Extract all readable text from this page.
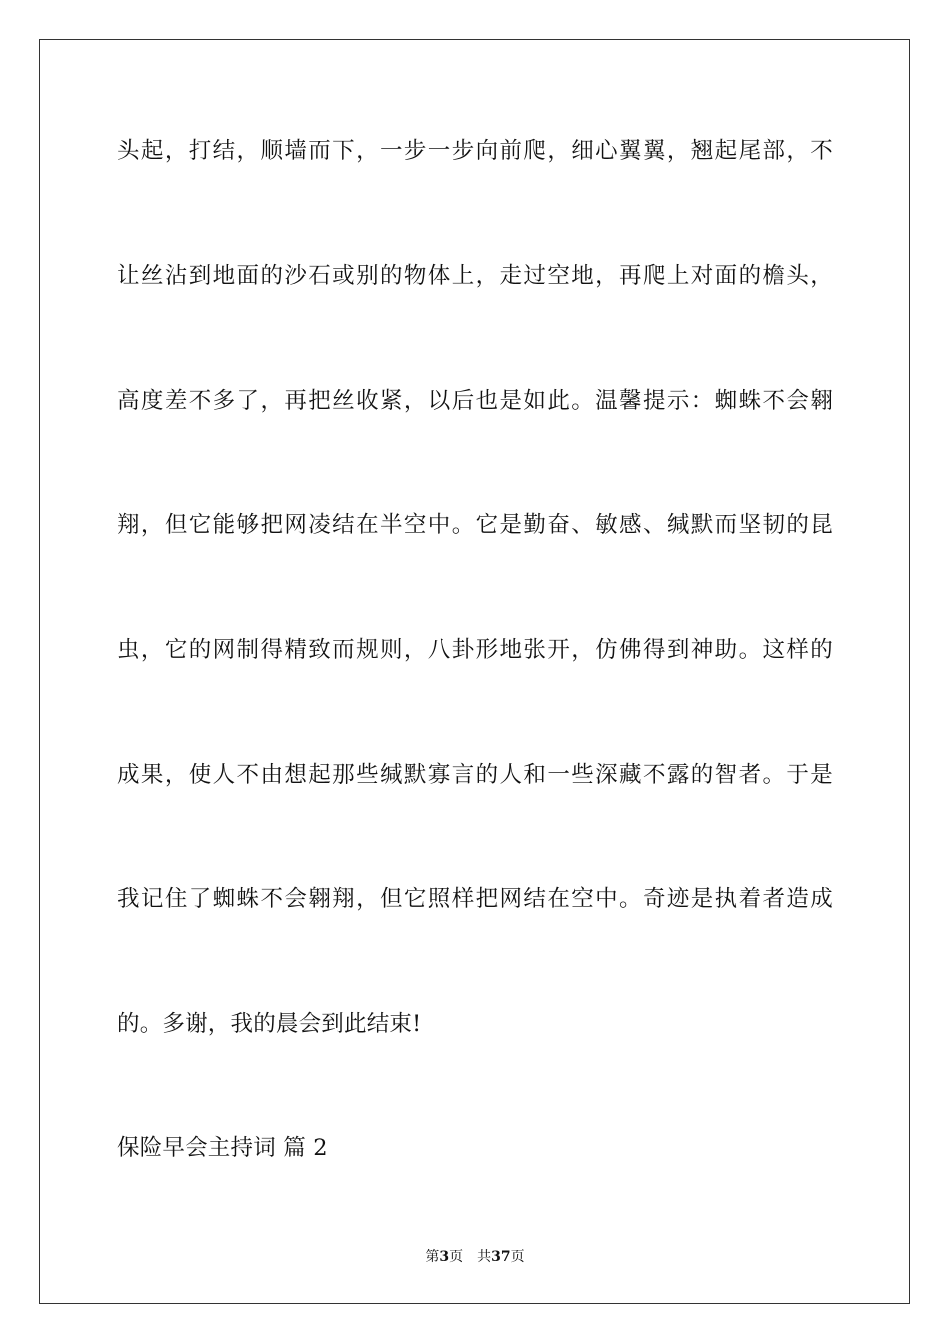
头起，打结，顺墙而下，一步一步向前爬，细心翼翼，翘起尾部，不
让丝沾到地面的沙石或别的物体上，走过空地，再爬上对面的檐头，
高度差不多了，再把丝收紧，以后也是如此。温馨提示：蜘蛛不会翱
翔，但它能够把网凌结在半空中。它是勤奋、敏感、缄默而坚韧的昆
虫，它的网制得精致而规则，八卦形地张开，仿佛得到神助。这样的
成果，使人不由想起那些缄默寡言的人和一些深藏不露的智者。于是
我记住了蜘蛛不会翱翔，但它照样把网结在空中。奇迹是执着者造成
的。多谢，我的晨会到此结束!
保险早会主持词 篇 2
第3页 共37页
